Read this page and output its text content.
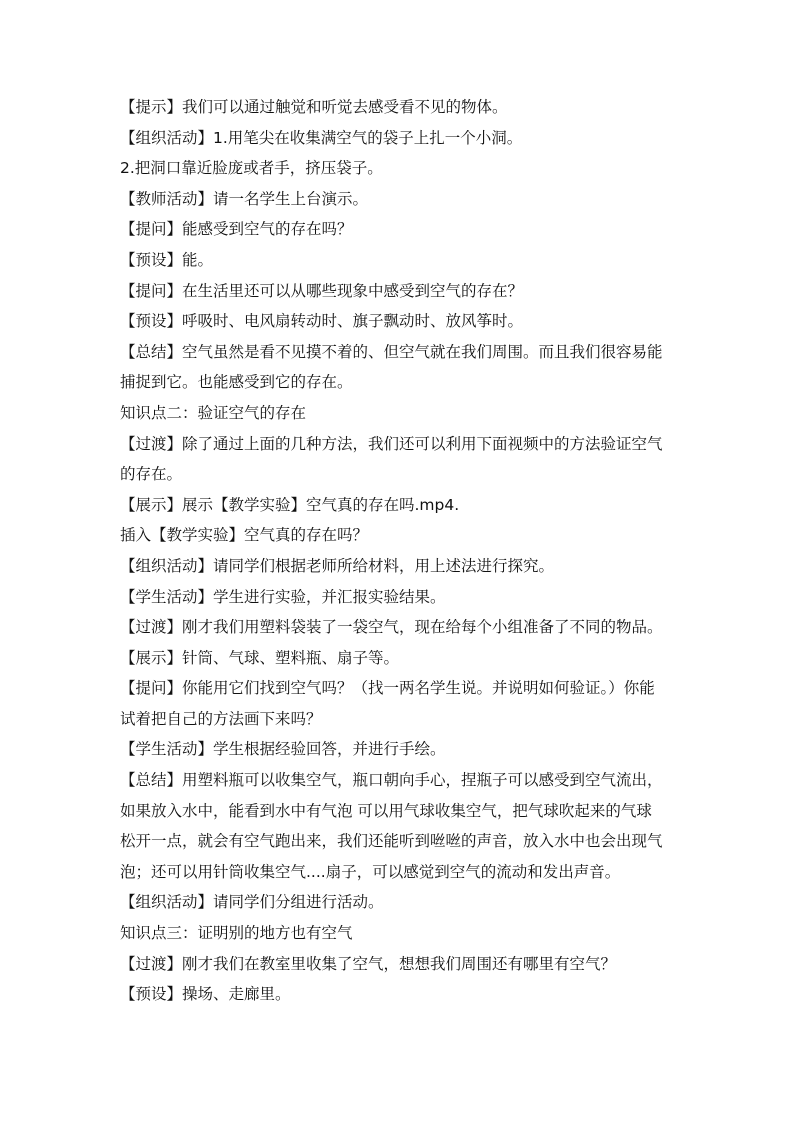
【提示】我们可以通过触觉和听觉去感受看不见的物体。
【组织活动】1.用笔尖在收集满空气的袋子上扎一个小洞。
2.把洞口靠近脸庞或者手，挤压袋子。
【教师活动】请一名学生上台演示。
【提问】能感受到空气的存在吗？
【预设】能。
【提问】在生活里还可以从哪些现象中感受到空气的存在？
【预设】呼吸时、电风扇转动时、旗子飘动时、放风筝时。
【总结】空气虽然是看不见摸不着的、但空气就在我们周围。而且我们很容易能
捕捉到它。也能感受到它的存在。
知识点二：验证空气的存在
【过渡】除了通过上面的几种方法，我们还可以利用下面视频中的方法验证空气
的存在。
【展示】展示【教学实验】空气真的存在吗.mp4.
插入【教学实验】空气真的存在吗？
【组织活动】请同学们根据老师所给材料，用上述法进行探究。
【学生活动】学生进行实验，并汇报实验结果。
【过渡】刚才我们用塑料袋装了一袋空气，现在给每个小组准备了不同的物品。
【展示】针筒、气球、塑料瓶、扇子等。
【提问】你能用它们找到空气吗？（找一两名学生说。并说明如何验证。）你能
试着把自己的方法画下来吗？
【学生活动】学生根据经验回答，并进行手绘。
【总结】用塑料瓶可以收集空气，瓶口朝向手心，捏瓶子可以感受到空气流出，
如果放入水中，能看到水中有气泡 可以用气球收集空气，把气球吹起来的气球
松开一点，就会有空气跑出来，我们还能听到咝咝的声音，放入水中也会出现气
泡；还可以用针筒收集空气....扇子，可以感觉到空气的流动和发出声音。
【组织活动】请同学们分组进行活动。
知识点三：证明别的地方也有空气
【过渡】刚才我们在教室里收集了空气，想想我们周围还有哪里有空气？
【预设】操场、走廊里。
